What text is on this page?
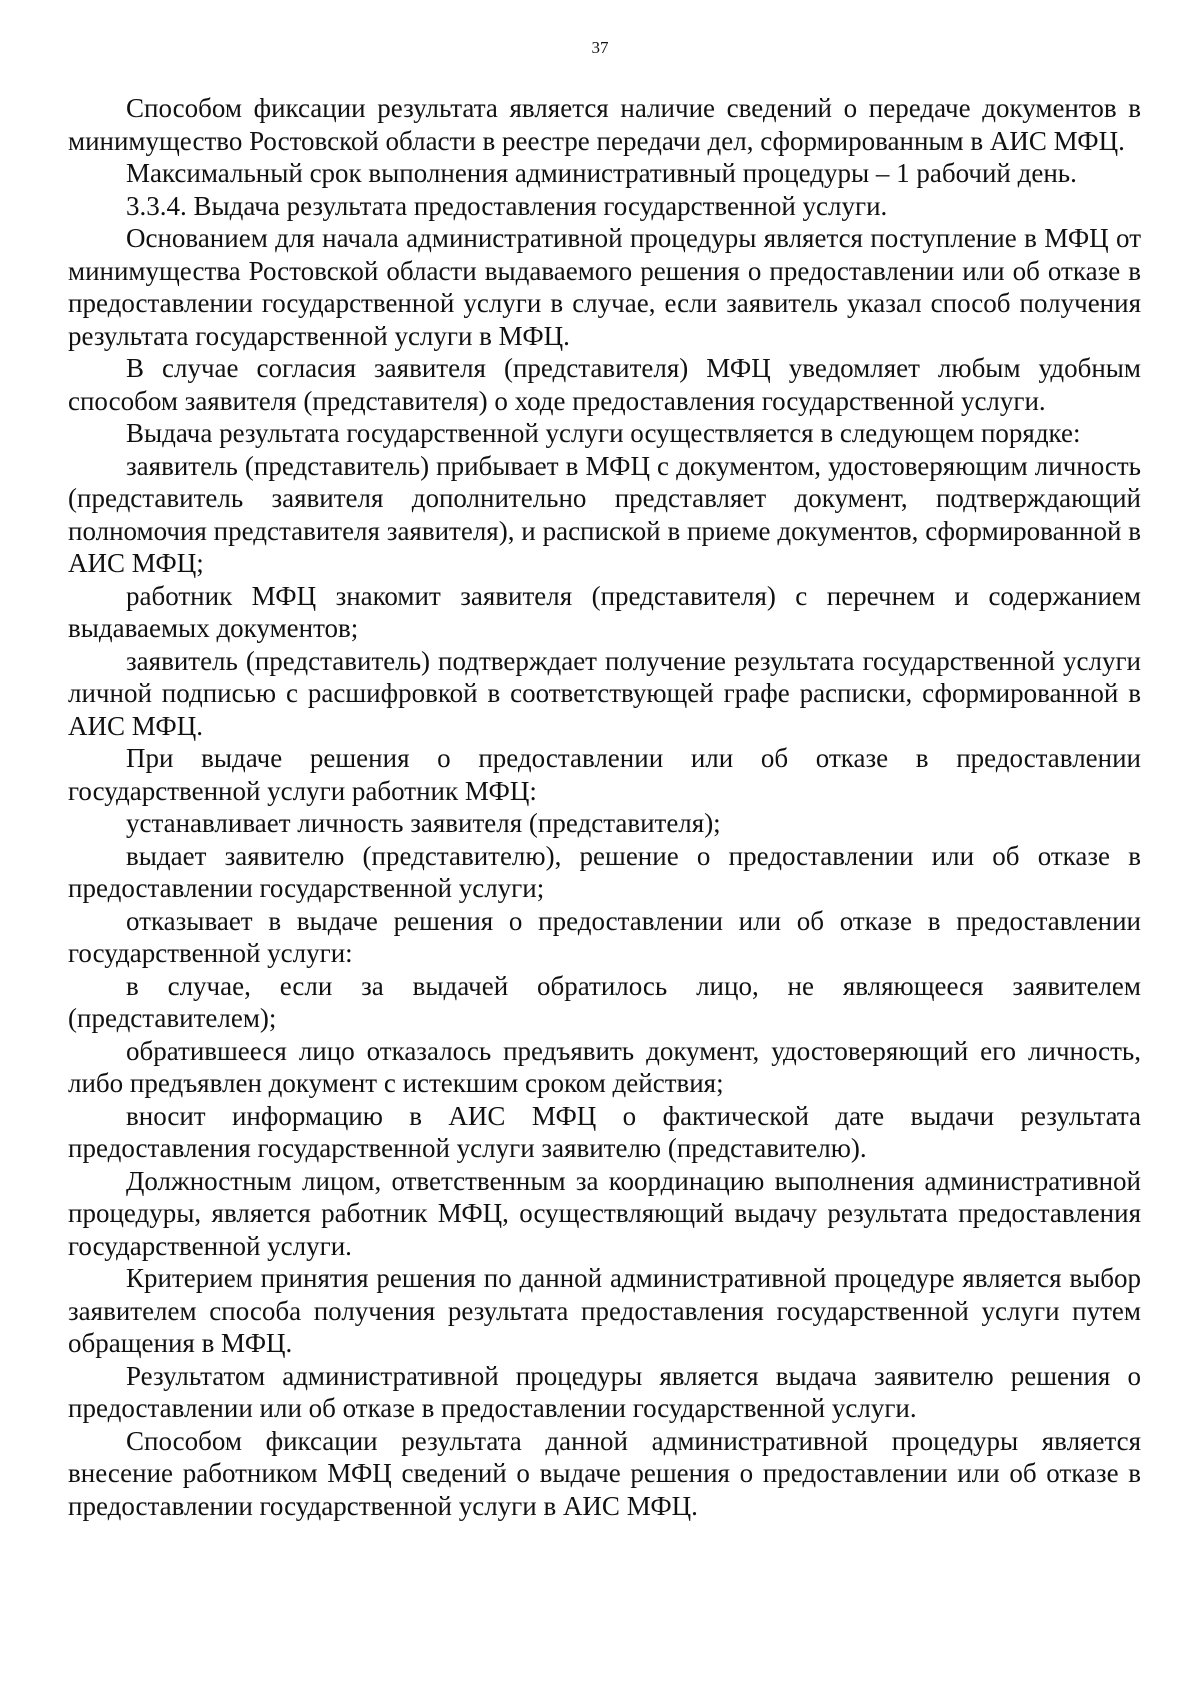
37

Способом фиксации результата является наличие сведений о передаче документов в минимущество Ростовской области в реестре передачи дел, сформированным в АИС МФЦ.

Максимальный срок выполнения административный процедуры – 1 рабочий день.

3.3.4. Выдача результата предоставления государственной услуги.

Основанием для начала административной процедуры является поступление в МФЦ от минимущества Ростовской области выдаваемого решения о предоставлении или об отказе в предоставлении государственной услуги в случае, если заявитель указал способ получения результата государственной услуги в МФЦ.

В случае согласия заявителя (представителя) МФЦ уведомляет любым удобным способом заявителя (представителя) о ходе предоставления государственной услуги.

Выдача результата государственной услуги осуществляется в следующем порядке:

заявитель (представитель) прибывает в МФЦ с документом, удостоверяющим личность (представитель заявителя дополнительно представляет документ, подтверждающий полномочия представителя заявителя), и распиской в приеме документов, сформированной в АИС МФЦ;

работник МФЦ знакомит заявителя (представителя) с перечнем и содержанием выдаваемых документов;

заявитель (представитель) подтверждает получение результата государственной услуги личной подписью с расшифровкой в соответствующей графе расписки, сформированной в АИС МФЦ.

При выдаче решения о предоставлении или об отказе в предоставлении государственной услуги работник МФЦ:

устанавливает личность заявителя (представителя);

выдает заявителю (представителю), решение о предоставлении или об отказе в предоставлении государственной услуги;

отказывает в выдаче решения о предоставлении или об отказе в предоставлении государственной услуги:

в случае, если за выдачей обратилось лицо, не являющееся заявителем (представителем);

обратившееся лицо отказалось предъявить документ, удостоверяющий его личность, либо предъявлен документ с истекшим сроком действия;

вносит информацию в АИС МФЦ о фактической дате выдачи результата предоставления государственной услуги заявителю (представителю).

Должностным лицом, ответственным за координацию выполнения административной процедуры, является работник МФЦ, осуществляющий выдачу результата предоставления государственной услуги.

Критерием принятия решения по данной административной процедуре является выбор заявителем способа получения результата предоставления государственной услуги путем обращения в МФЦ.

Результатом административной процедуры является выдача заявителю решения о предоставлении или об отказе в предоставлении государственной услуги.

Способом фиксации результата данной административной процедуры является внесение работником МФЦ сведений о выдаче решения о предоставлении или об отказе в предоставлении государственной услуги в АИС МФЦ.
